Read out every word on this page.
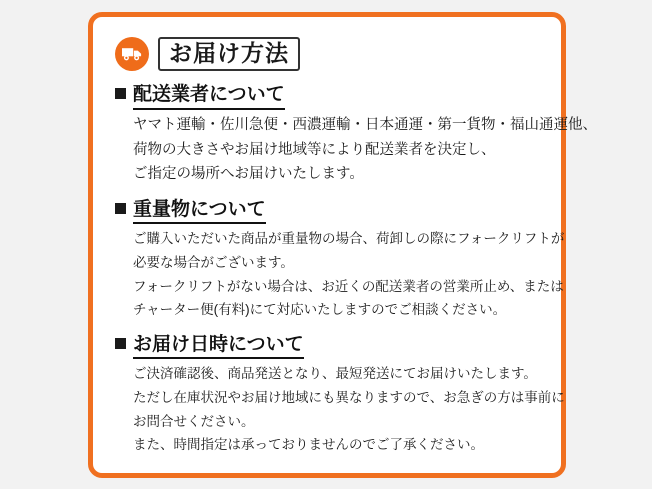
お届け方法
配送業者について

ヤマト運輸・佐川急便・西濃運輸・日本通運・第一貨物・福山通運他、

荷物の大きさやお届け地域等により配送業者を決定し、

ご指定の場所へお届けいたします。

重量物について

ご購入いただいた商品が重量物の場合、荷卸しの際にフォークリフトが

必要な場合がございます。

フォークリフトがない場合は、お近くの配送業者の営業所止め、または

チャーター便(有料)にて対応いたしますのでご相談ください。

お届け日時について

ご決済確認後、商品発送となり、最短発送にてお届けいたします。

ただし在庫状況やお届け地域にも異なりますので、お急ぎの方は事前に

お問合せください。

また、時間指定は承っておりませんのでご了承ください。
